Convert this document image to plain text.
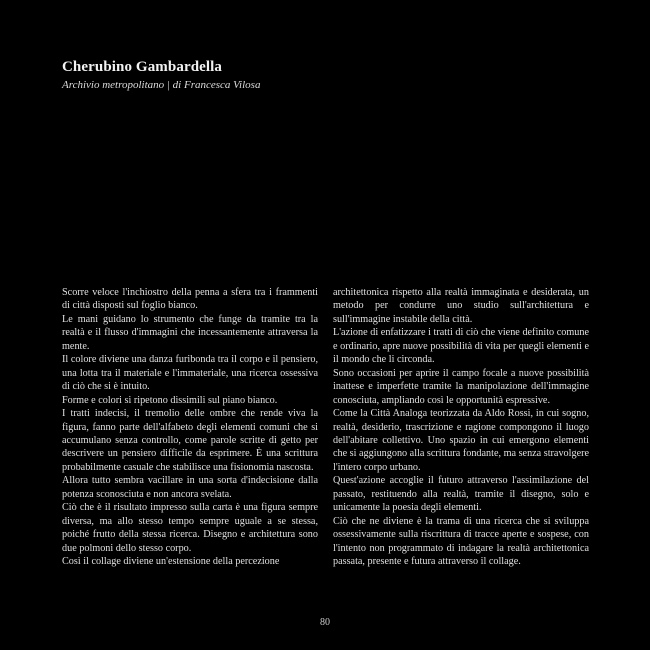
Cherubino Gambardella

Archivio metropolitano | di Francesca Vilosa

Scorre veloce l'inchiostro della penna a sfera tra i frammenti di città disposti sul foglio bianco.

Le mani guidano lo strumento che funge da tramite tra la realtà e il flusso d'immagini che incessantemente attraversa la mente.

Il colore diviene una danza furibonda tra il corpo e il pensiero, una lotta tra il materiale e l'immateriale, una ricerca ossessiva di ciò che si è intuito.

Forme e colori si ripetono dissimili sul piano bianco.

I tratti indecisi, il tremolio delle ombre che rende viva la figura, fanno parte dell'alfabeto degli elementi comuni che si accumulano senza controllo, come parole scritte di getto per descrivere un pensiero difficile da esprimere. È una scrittura probabilmente casuale che stabilisce una fisionomia nascosta.

Allora tutto sembra vacillare in una sorta d'indecisione dalla potenza sconosciuta e non ancora svelata.

Ciò che è il risultato impresso sulla carta è una figura sempre diversa, ma allo stesso tempo sempre uguale a se stessa, poiché frutto della stessa ricerca. Disegno e architettura sono due polmoni dello stesso corpo.

Così il collage diviene un'estensione della percezione

architettonica rispetto alla realtà immaginata e desiderata, un metodo per condurre uno studio sull'architettura e sull'immagine instabile della città.

L'azione di enfatizzare i tratti di ciò che viene definito comune e ordinario, apre nuove possibilità di vita per quegli elementi e il mondo che li circonda.

Sono occasioni per aprire il campo focale a nuove possibilità inattese e imperfette tramite la manipolazione dell'immagine conosciuta, ampliando così le opportunità espressive.

Come la Città Analoga teorizzata da Aldo Rossi, in cui sogno, realtà, desiderio, trascrizione e ragione compongono il luogo dell'abitare collettivo. Uno spazio in cui emergono elementi che si aggiungono alla scrittura fondante, ma senza stravolgere l'intero corpo urbano.

Quest'azione accoglie il futuro attraverso l'assimilazione del passato, restituendo alla realtà, tramite il disegno, solo e unicamente la poesia degli elementi.

Ciò che ne diviene è la trama di una ricerca che si sviluppa ossessivamente sulla riscrittura di tracce aperte e sospese, con l'intento non programmato di indagare la realtà architettonica passata, presente e futura attraverso il collage.

80
